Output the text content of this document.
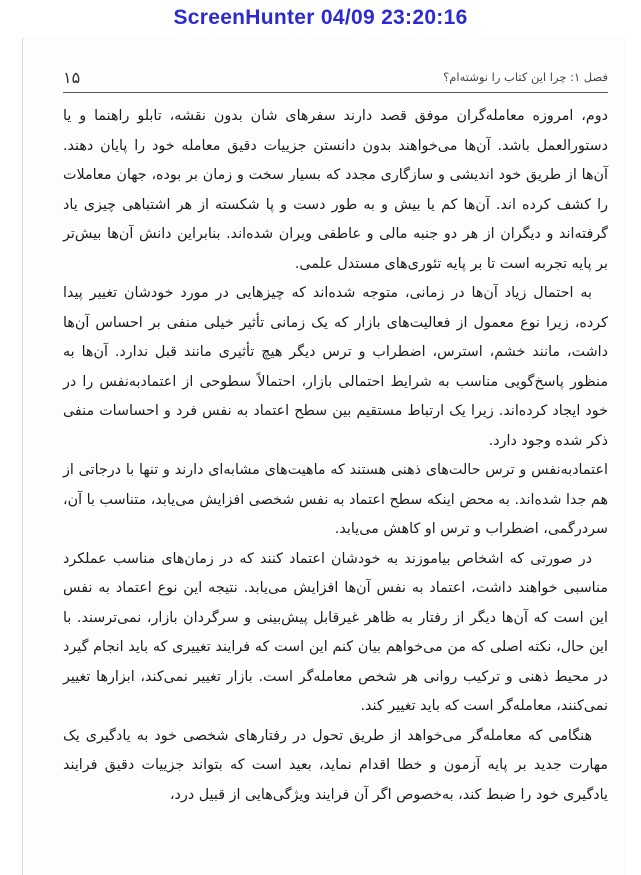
ScreenHunter 04/09 23:20:16
۱۵	فصل ۱: چرا این کتاب را نوشته‌ام؟

دوم، امروزه معامله‌گران موفق قصد دارند سفرهای شان بدون نقشه، تابلو راهنما و یا دستورالعمل باشد. آن‌ها می‌خواهند بدون دانستن جزییات دقیق معامله خود را پایان دهند. آن‌ها از طریق خود اندیشی و سازگاری مجدد که بسیار سخت و زمان بر بوده، جهان معاملات را کشف کرده اند. آن‌ها کم یا بیش و به طور دست و پا شکسته از هر اشتباهی چیزی یاد گرفته‌اند و دیگران از هر دو جنبه مالی و عاطفی ویران شده‌اند. بنابراین دانش آن‌ها بیش‌تر بر پایه تجربه است تا بر پایه تئوری‌های مستدل علمی.

به احتمال زیاد آن‌ها در زمانی، متوجه شده‌اند که چیزهایی در مورد خودشان تغییر پیدا کرده، زیرا نوع معمول از فعالیت‌های بازار که یک زمانی تأثیر خیلی منفی بر احساس آن‌ها داشت، مانند خشم، استرس، اضطراب و ترس دیگر هیچ تأثیری مانند قبل ندارد. آن‌ها به منظور پاسخ‌گویی مناسب به شرایط احتمالی بازار، احتمالاً سطوحی از اعتمادبه‌نفس را در خود ایجاد کرده‌اند. زیرا یک ارتباط مستقیم بین سطح اعتماد به نفس فرد و احساسات منفی ذکر شده وجود دارد.

اعتمادبه‌نفس و ترس حالت‌های ذهنی هستند که ماهیت‌های مشابه‌ای دارند و تنها با درجاتی از هم جدا شده‌اند. به محض اینکه سطح اعتماد به نفس شخصی افزایش می‌یابد، متناسب با آن، سردرگمی، اضطراب و ترس او کاهش می‌یابد.

در صورتی که اشخاص بیاموزند به خودشان اعتماد کنند که در زمان‌های مناسب عملکرد مناسبی خواهند داشت، اعتماد به نفس آن‌ها افزایش می‌یابد. نتیجه این نوع اعتماد به نفس این است که آن‌ها دیگر از رفتار به ظاهر غیرقابل پیش‌بینی و سرگردان بازار، نمی‌ترسند. با این حال، نکته اصلی که من می‌خواهم بیان کنم این است که فرایند تغییری که باید انجام گیرد در محیط ذهنی و ترکیب روانی هر شخص معامله‌گر است. بازار تغییر نمی‌کند، ابزارها تغییر نمی‌کنند، معامله‌گر است که باید تغییر کند.

هنگامی که معامله‌گر می‌خواهد از طریق تحول در رفتارهای شخصی خود به یادگیری یک مهارت جدید بر پایه آزمون و خطا اقدام نماید، بعید است که بتواند جزییات دقیق فرایند یادگیری خود را ضبط کند، به‌خصوص اگر آن فرایند ویژگی‌هایی از قبیل درد،
